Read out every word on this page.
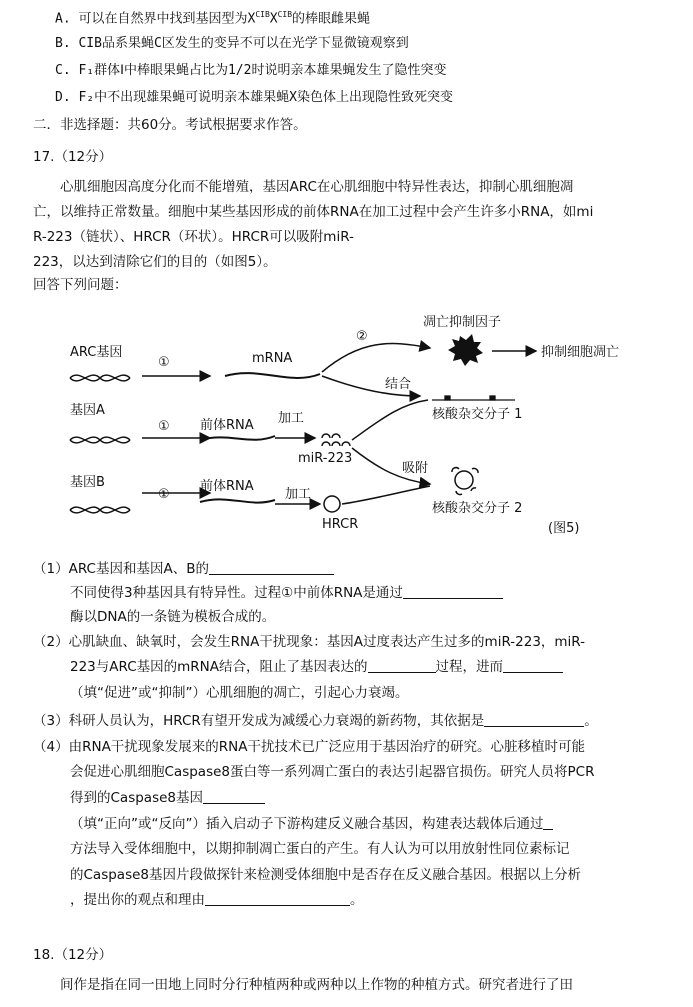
A. 可以在自然界中找到基因型为$X^{CIB}X^{CIB}$的棒眼雌果蝇
B. CIB品系果蝇C区发生的变异不可以在光学下显微镜观察到
C. F₁群体Ⅰ中棒眼果蝇占比为1/2时说明亲本雄果蝇发生了隐性突变
D. F₂中不出现雄果蝇可说明亲本雄果蝇X染色体上出现隐性致死突变
二．非选择题：共60分。考试根据要求作答。
17.（12分）
心肌细胞因高度分化而不能增殖，基因ARC在心肌细胞中特异性表达，抑制心肌细胞凋
亡，以维持正常数量。细胞中某些基因形成的前体RNA在加工过程中会产生许多小RNA，如mi
R-223（链状）、HRCR（环状）。HRCR可以吸附miR-
223，以达到清除它们的目的（如图5）。
回答下列问题：
ARC基因
①	mRNA
②
凋亡抑制因子
抑制细胞凋亡
结合
核酸杂交分子 1
基因A
① 前体RNA 加工
miR-223
基因B
①
前体RNA
加工
HRCR
吸附
核酸杂交分子 2
(图5)
（1）ARC基因和基因A、B的
不同使得3种基因具有特异性。过程①中前体RNA是通过
酶以DNA的一条链为模板合成的。
（2）心肌缺血、缺氧时，会发生RNA干扰现象：基因A过度表达产生过多的miR-223，miR-
223与ARC基因的mRNA结合，阻止了基因表达的	过程，进而
（填“促进”或“抑制”）心肌细胞的凋亡，引起心力衰竭。
（3）科研人员认为，HRCR有望开发成为减缓心力衰竭的新药物，其依据是	。
（4）由RNA干扰现象发展来的RNA干扰技术已广泛应用于基因治疗的研究。心脏移植时可能
会促进心肌细胞Caspase8蛋白等一系列凋亡蛋白的表达引起器官损伤。研究人员将PCR
得到的Caspase8基因
（填“正向”或“反向”）插入启动子下游构建反义融合基因，构建表达载体后通过
方法导入受体细胞中，以期抑制凋亡蛋白的产生。有人认为可以用放射性同位素标记
的Caspase8基因片段做探针来检测受体细胞中是否存在反义融合基因。根据以上分析
，提出你的观点和理由	。
18.（12分）
间作是指在同一田地上同时分行种植两种或两种以上作物的种植方式。研究者进行了田
